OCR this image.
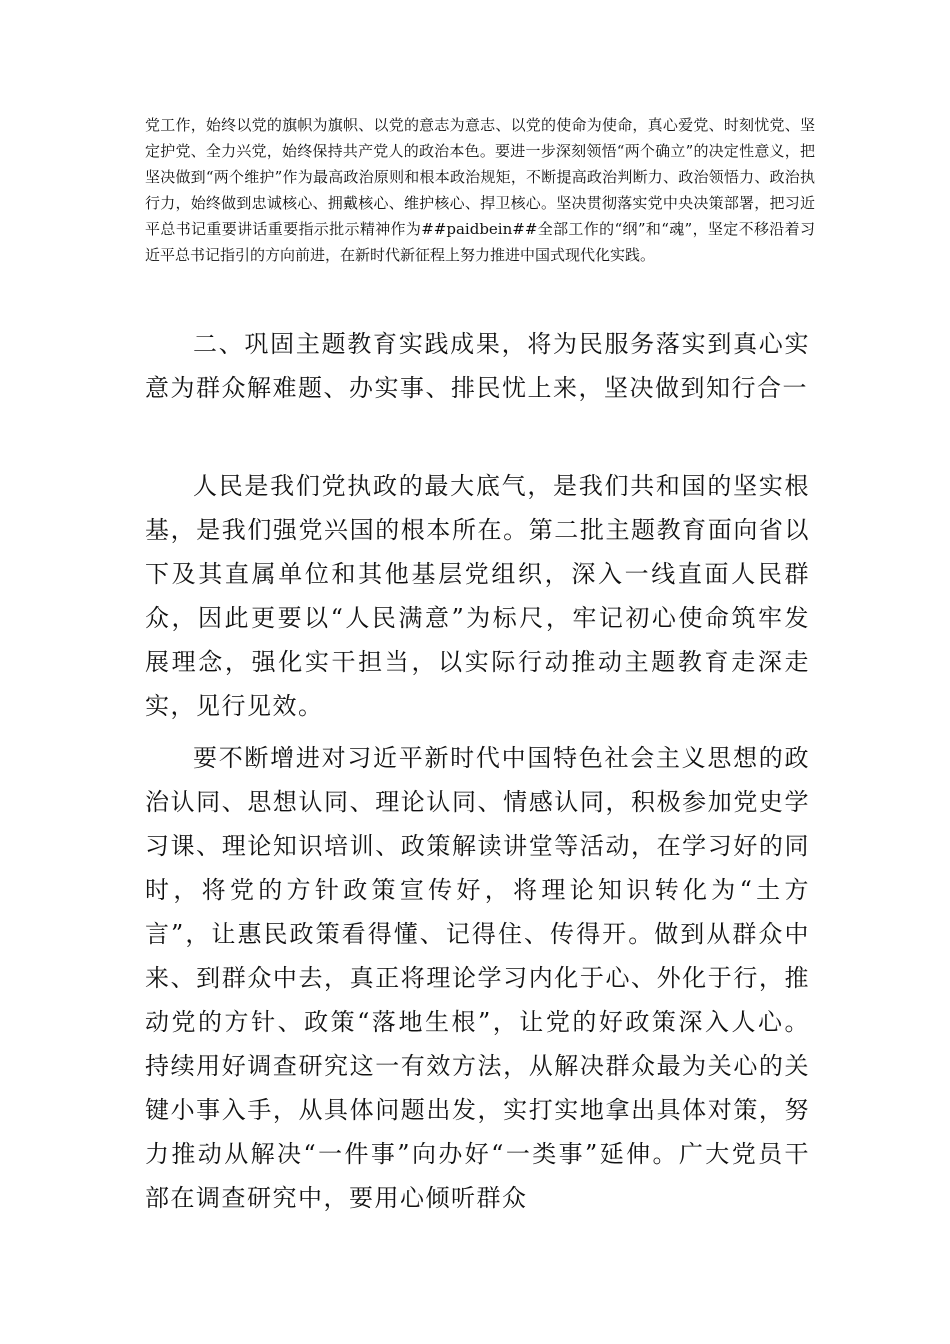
党工作，始终以党的旗帜为旗帜、以党的意志为意志、以党的使命为使命，真心爱党、时刻忧党、坚定护党、全力兴党，始终保持共产党人的政治本色。要进一步深刻领悟“两个确立”的决定性意义，把坚决做到“两个维护”作为最高政治原则和根本政治规矩，不断提高政治判断力、政治领悟力、政治执行力，始终做到忠诚核心、拥戴核心、维护核心、捍卫核心。坚决贯彻落实党中央决策部署，把习近平总书记重要讲话重要指示批示精神作为##paidbein##全部工作的“纲”和“魂”，坚定不移沿着习近平总书记指引的方向前进，在新时代新征程上努力推进中国式现代化实践。

二、巩固主题教育实践成果，将为民服务落实到真心实意为群众解难题、办实事、排民忧上来，坚决做到知行合一

人民是我们党执政的最大底气，是我们共和国的坚实根基，是我们强党兴国的根本所在。第二批主题教育面向省以下及其直属单位和其他基层党组织，深入一线直面人民群众，因此更要以“人民满意”为标尺，牢记初心使命筑牢发展理念，强化实干担当，以实际行动推动主题教育走深走实，见行见效。

要不断增进对习近平新时代中国特色社会主义思想的政治认同、思想认同、理论认同、情感认同，积极参加党史学习课、理论知识培训、政策解读讲堂等活动，在学习好的同时，将党的方针政策宣传好，将理论知识转化为“土方言”，让惠民政策看得懂、记得住、传得开。做到从群众中来、到群众中去，真正将理论学习内化于心、外化于行，推动党的方针、政策“落地生根”，让党的好政策深入人心。持续用好调查研究这一有效方法，从解决群众最为关心的关键小事入手，从具体问题出发，实打实地拿出具体对策，努力推动从解决“一件事”向办好“一类事”延伸。广大党员干部在调查研究中，要用心倾听群众
